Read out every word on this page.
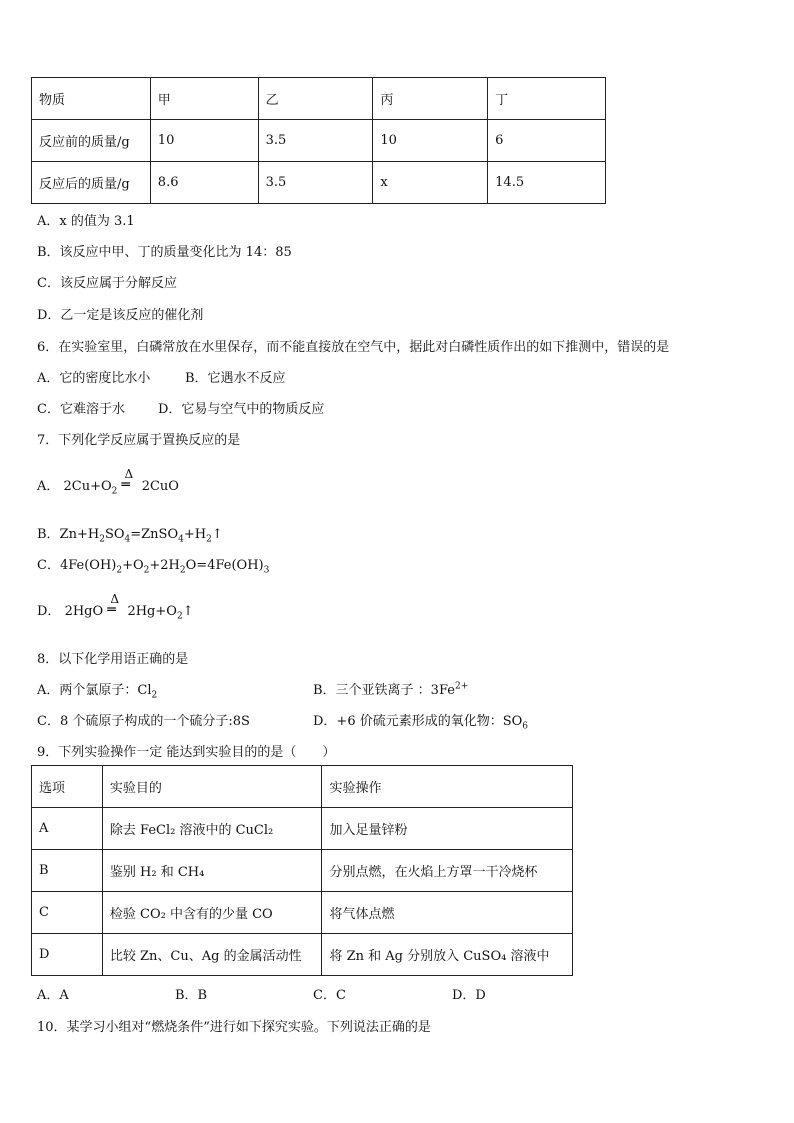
物质	甲	乙	丙	丁
反应前的质量/g	10	3.5	10	6
反应后的质量/g	8.6	3.5	x	14.5
A．x 的值为 3.1
B．该反应中甲、丁的质量变化比为 14：85
C．该反应属于分解反应
D．乙一定是该反应的催化剂
6．在实验室里，白磷常放在水里保存，而不能直接放在空气中，据此对白磷性质作出的如下推测中，错误的是
A．它的密度比水小	B．它遇水不反应
C．它难溶于水	D．它易与空气中的物质反应
7．下列化学反应属于置换反应的是
A． $2Cu+O_2$
Δ
═ 2CuO
B．$Zn+H_2SO_4=ZnSO_4+H_2↑$
C．$4Fe(OH)_2+O_2+2H_2O=4Fe(OH)_3$
D． 2HgO
Δ
═ $2Hg+O_2↑$
8．以下化学用语正确的是
A．两个氯原子：$Cl_2$	B．三个亚铁离子 ：$3Fe^{2+}$
C．8 个硫原子构成的一个硫分子:8S	D．+6 价硫元素形成的氧化物：$SO_6$
9．下列实验操作一定 能达到实验目的的是（　　）
选项	实验目的	实验操作
A	除去 FeCl₂ 溶液中的 CuCl₂	加入足量锌粉
B	鉴别 H₂ 和 CH₄	分别点燃，在火焰上方罩一干冷烧杯
C	检验 CO₂ 中含有的少量 CO	将气体点燃
D	比较 Zn、Cu、Ag 的金属活动性	将 Zn 和 Ag 分别放入 CuSO₄ 溶液中
A．A	B．B	C．C	D．D
10．某学习小组对“燃烧条件”进行如下探究实验。下列说法正确的是
